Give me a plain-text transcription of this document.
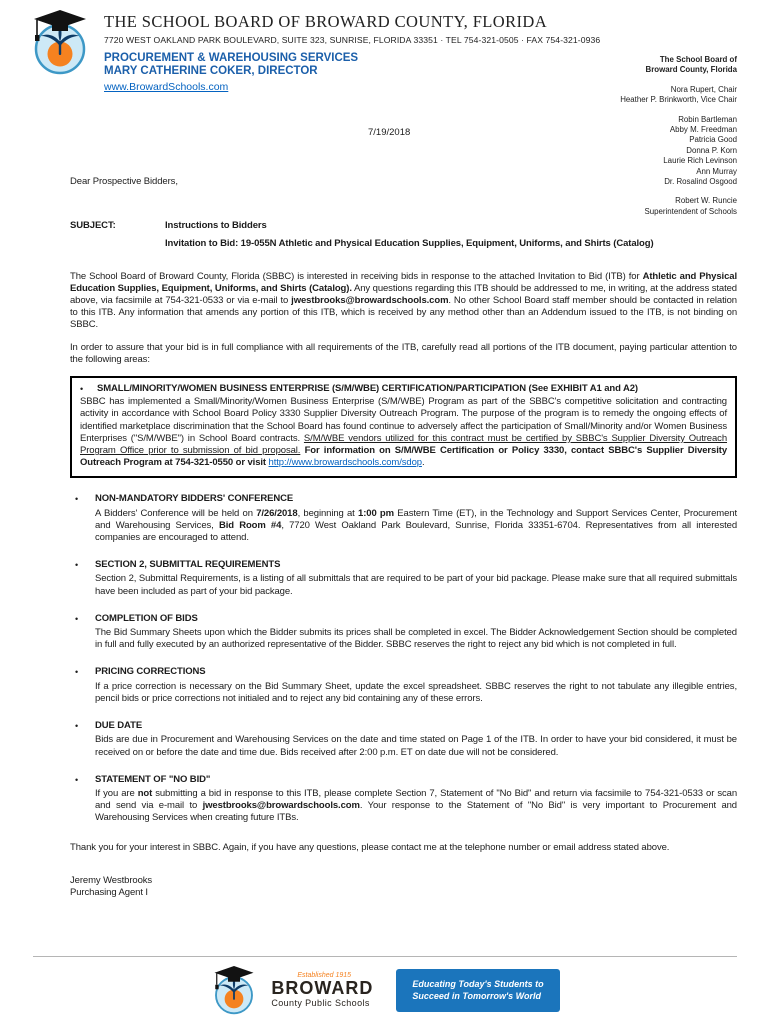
THE SCHOOL BOARD OF BROWARD COUNTY, FLORIDA
7720 WEST OAKLAND PARK BOULEVARD, SUITE 323, SUNRISE, FLORIDA 33351 · TEL 754-321-0505 · FAX 754-321-0936
PROCUREMENT & WAREHOUSING SERVICES
MARY CATHERINE COKER, DIRECTOR
www.BrowardSchools.com
The School Board of
Broward County, Florida
Nora Rupert, Chair
Heather P. Brinkworth, Vice Chair
Robin Bartleman
Abby M. Freedman
Patricia Good
Donna P. Korn
Laurie Rich Levinson
Ann Murray
Dr. Rosalind Osgood
Robert W. Runcie
Superintendent of Schools
7/19/2018
Dear Prospective Bidders,
SUBJECT:	Instructions to Bidders
Invitation to Bid: 19-055N Athletic and Physical Education Supplies, Equipment, Uniforms, and Shirts (Catalog)
The School Board of Broward County, Florida (SBBC) is interested in receiving bids in response to the attached Invitation to Bid (ITB) for Athletic and Physical Education Supplies, Equipment, Uniforms, and Shirts (Catalog). Any questions regarding this ITB should be addressed to me, in writing, at the address stated above, via facsimile at 754-321-0533 or via e-mail to jwestbrooks@browardschools.com. No other School Board staff member should be contacted in relation to this ITB. Any information that amends any portion of this ITB, which is received by any method other than an Addendum issued to the ITB, is not binding on SBBC.
In order to assure that your bid is in full compliance with all requirements of the ITB, carefully read all portions of the ITB document, paying particular attention to the following areas:
•	SMALL/MINORITY/WOMEN BUSINESS ENTERPRISE (S/M/WBE) CERTIFICATION/PARTICIPATION (See EXHIBIT A1 and A2)
SBBC has implemented a Small/Minority/Women Business Enterprise (S/M/WBE) Program as part of the SBBC's competitive solicitation and contracting activity in accordance with School Board Policy 3330 Supplier Diversity Outreach Program. The purpose of the program is to remedy the ongoing effects of identified marketplace discrimination that the School Board has found continue to adversely affect the participation of Small/Minority and/or Women Business Enterprises ("S/M/WBE") in School Board contracts. S/M/WBE vendors utilized for this contract must be certified by SBBC's Supplier Diversity Outreach Program Office prior to submission of bid proposal. For information on S/M/WBE Certification or Policy 3330, contact SBBC's Supplier Diversity Outreach Program at 754-321-0550 or visit http://www.browardschools.com/sdop.
•	NON-MANDATORY BIDDERS' CONFERENCE
A Bidders' Conference will be held on 7/26/2018, beginning at 1:00 pm Eastern Time (ET), in the Technology and Support Services Center, Procurement and Warehousing Services, Bid Room #4, 7720 West Oakland Park Boulevard, Sunrise, Florida 33351-6704. Representatives from all interested companies are encouraged to attend.
•	SECTION 2, SUBMITTAL REQUIREMENTS
Section 2, Submittal Requirements, is a listing of all submittals that are required to be part of your bid package. Please make sure that all required submittals have been included as part of your bid package.
•	COMPLETION OF BIDS
The Bid Summary Sheets upon which the Bidder submits its prices shall be completed in excel. The Bidder Acknowledgement Section should be completed in full and fully executed by an authorized representative of the Bidder. SBBC reserves the right to reject any bid which is not completed in full.
•	PRICING CORRECTIONS
If a price correction is necessary on the Bid Summary Sheet, update the excel spreadsheet. SBBC reserves the right to not tabulate any illegible entries, pencil bids or price corrections not initialed and to reject any bid containing any of these errors.
•	DUE DATE
Bids are due in Procurement and Warehousing Services on the date and time stated on Page 1 of the ITB. In order to have your bid considered, it must be received on or before the date and time due. Bids received after 2:00 p.m. ET on date due will not be considered.
•	STATEMENT OF "NO BID"
If you are not submitting a bid in response to this ITB, please complete Section 7, Statement of "No Bid" and return via facsimile to 754-321-0533 or scan and send via e-mail to jwestbrooks@browardschools.com. Your response to the Statement of "No Bid" is very important to Procurement and Warehousing Services when creating future ITBs.
Thank you for your interest in SBBC. Again, if you have any questions, please contact me at the telephone number or email address stated above.
Jeremy Westbrooks
Purchasing Agent I
Established 1915
BROWARD
County Public Schools
Educating Today's Students to
Succeed in Tomorrow's World
